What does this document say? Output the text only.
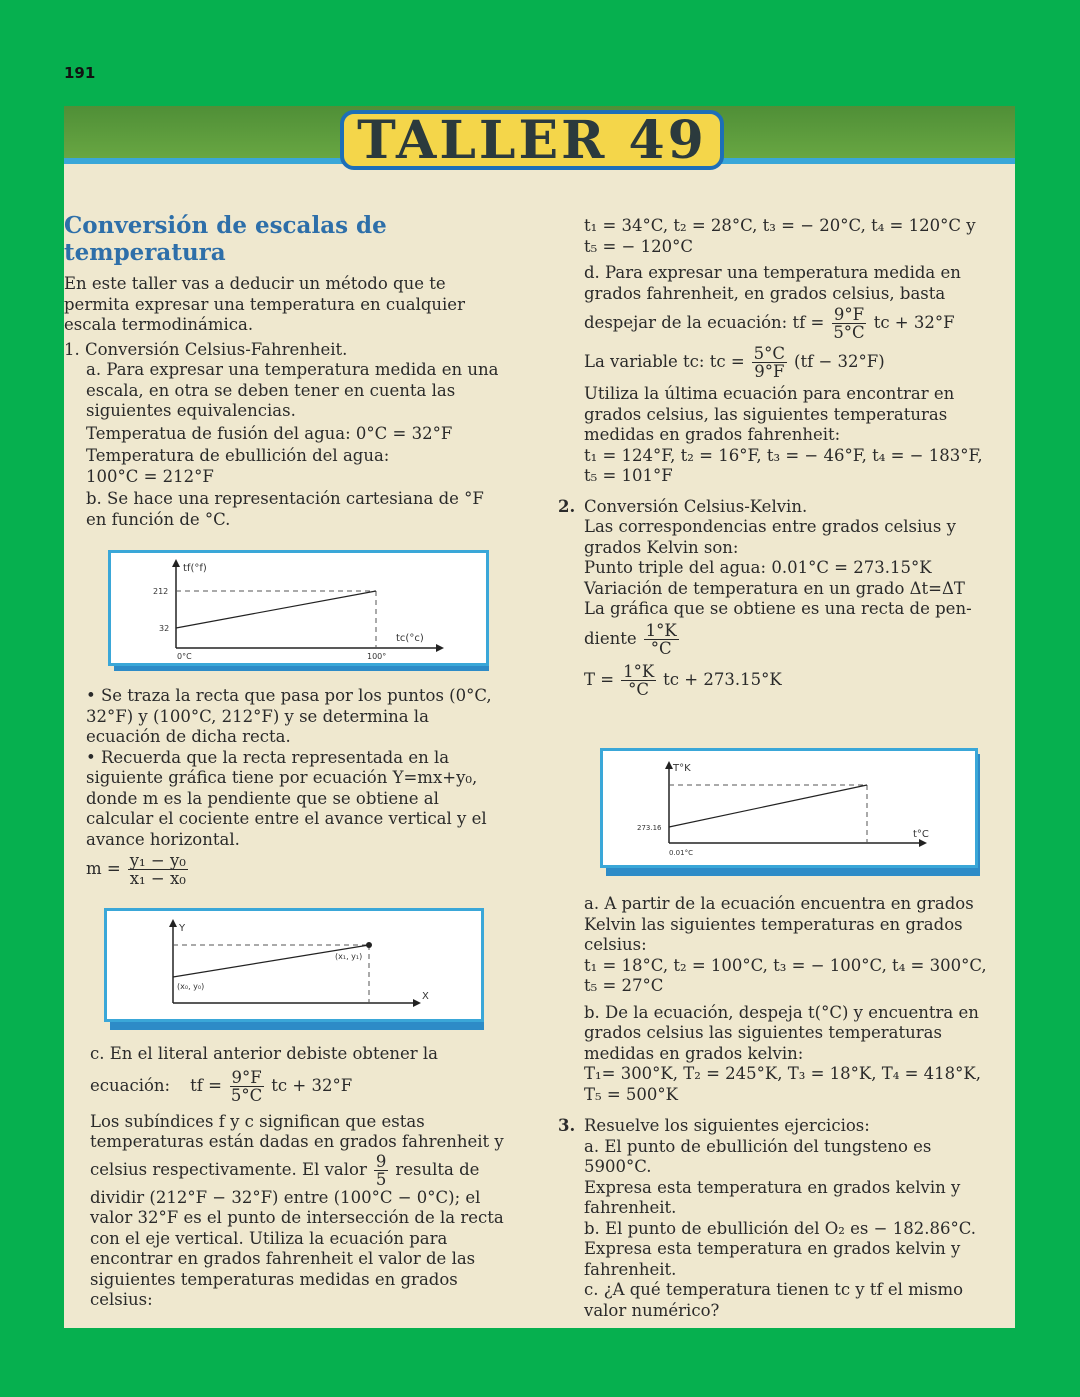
191
TALLER 49

Conversión de escalas de temperatura

En este taller vas a deducir un método que te permita expresar una temperatura en cualquier escala termodinámica.

1. Conversión Celsius-Fahrenheit.

a. Para expresar una temperatura medida en una escala, en otra se deben tener en cuenta las siguientes equivalencias.

Temperatua de fusión del agua: 0°C = 32°F

Temperatura de ebullición del agua:

100°C = 212°F

b. Se hace una representación cartesiana de °F en función de °C.

tf(°f)
tc(°c)
212
32
0°C	100°

• Se traza la recta que pasa por los puntos (0°C, 32°F) y (100°C, 212°F) y se determina la ecuación de dicha recta.

• Recuerda que la recta representada en la siguiente gráfica tiene por ecuación Y=mx+y₀, donde m es la pendiente que se obtiene al calcular el cociente entre el avance vertical y el avance horizontal.

$m = \frac{\text{y₁ − y₀}}{\text{x₁ − x₀}}$
Y
X
(x₀, y₀)
(x₁, y₁)

c. En el literal anterior debiste obtener la

ecuación: tf = $\frac{9^\circ F}{5^\circ C}$ tc + 32°F

Los subíndices f y c significan que estas temperaturas están dadas en grados fahrenheit y

celsius respectivamente. El valor $\frac{9}{5}$ resulta de

dividir (212°F − 32°F) entre (100°C − 0°C); el valor 32°F es el punto de intersección de la recta con el eje vertical. Utiliza la ecuación para encontrar en grados fahrenheit el valor de las siguientes temperaturas medidas en grados celsius:

t₁ = 34°C, t₂ = 28°C, t₃ = − 20°C, t₄ = 120°C y

t₅ = − 120°C

d. Para expresar una temperatura medida en grados fahrenheit, en grados celsius, basta

despejar de la ecuación: tf = $\frac{9^\circ F}{5^\circ C}$ tc + 32°F
La variable tc: tc = $\frac{5^\circ C}{9^\circ F} (tf - 32^\circ F)$

Utiliza la última ecuación para encontrar en grados celsius, las siguientes temperaturas medidas en grados fahrenheit:

t₁ = 124°F, t₂ = 16°F, t₃ = − 46°F, t₄ = − 183°F,

t₅ = 101°F

2. Conversión Celsius-Kelvin.

Las correspondencias entre grados celsius y grados Kelvin son:

Punto triple del agua: 0.01°C = 273.15°K

Variación de temperatura en un grado Δt=ΔT

La gráfica que se obtiene es una recta de pen-

diente $\frac{1^\circ K}{^\circ C}$
$T = \frac{1^\circ K}{^\circ C}$ tc + 273.15°K
T°K
t°C
273.16
0.01°C

a. A partir de la ecuación encuentra en grados Kelvin las siguientes temperaturas en grados celsius:

t₁ = 18°C, t₂ = 100°C, t₃ = − 100°C, t₄ = 300°C,

t₅ = 27°C

b. De la ecuación, despeja t(°C) y encuentra en grados celsius las siguientes temperaturas medidas en grados kelvin:

T₁= 300°K, T₂ = 245°K, T₃ = 18°K, T₄ = 418°K,

T₅ = 500°K

3. Resuelve los siguientes ejercicios:

a. El punto de ebullición del tungsteno es 5900°C.

Expresa esta temperatura en grados kelvin y fahrenheit.

b. El punto de ebullición del O₂ es − 182.86°C.

Expresa esta temperatura en grados kelvin y fahrenheit.

c. ¿A qué temperatura tienen tc y tf el mismo valor numérico?
